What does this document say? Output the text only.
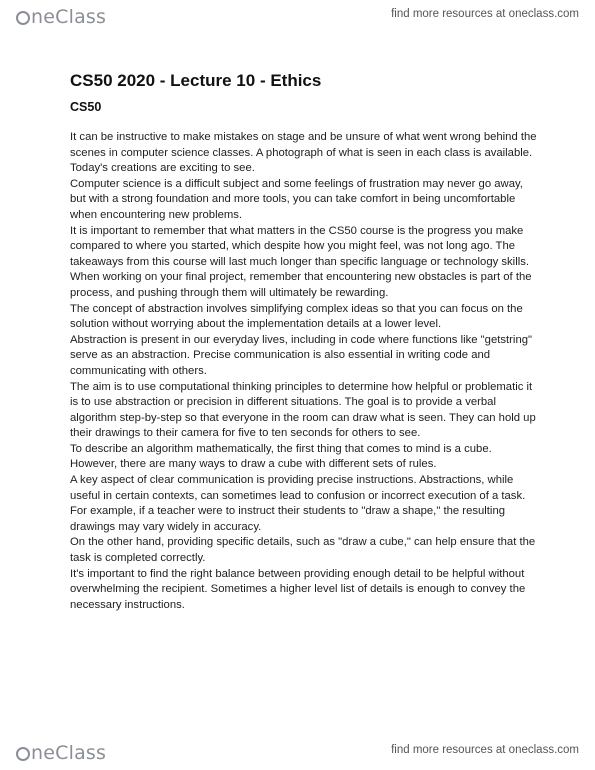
neClass	find more resources at oneclass.com
CS50 2020 - Lecture 10 - Ethics
CS50

It can be instructive to make mistakes on stage and be unsure of what went wrong behind the scenes in computer science classes. A photograph of what is seen in each class is available. Today's creations are exciting to see.

Computer science is a difficult subject and some feelings of frustration may never go away, but with a strong foundation and more tools, you can take comfort in being uncomfortable when encountering new problems.

It is important to remember that what matters in the CS50 course is the progress you make compared to where you started, which despite how you might feel, was not long ago. The takeaways from this course will last much longer than specific language or technology skills.

When working on your final project, remember that encountering new obstacles is part of the process, and pushing through them will ultimately be rewarding.

The concept of abstraction involves simplifying complex ideas so that you can focus on the solution without worrying about the implementation details at a lower level.

Abstraction is present in our everyday lives, including in code where functions like "getstring" serve as an abstraction. Precise communication is also essential in writing code and communicating with others.

The aim is to use computational thinking principles to determine how helpful or problematic it is to use abstraction or precision in different situations. The goal is to provide a verbal algorithm step-by-step so that everyone in the room can draw what is seen. They can hold up their drawings to their camera for five to ten seconds for others to see.

To describe an algorithm mathematically, the first thing that comes to mind is a cube. However, there are many ways to draw a cube with different sets of rules.

A key aspect of clear communication is providing precise instructions. Abstractions, while useful in certain contexts, can sometimes lead to confusion or incorrect execution of a task.

For example, if a teacher were to instruct their students to "draw a shape," the resulting drawings may vary widely in accuracy.

On the other hand, providing specific details, such as "draw a cube," can help ensure that the task is completed correctly.

It's important to find the right balance between providing enough detail to be helpful without overwhelming the recipient. Sometimes a higher level list of details is enough to convey the necessary instructions.

neClass	find more resources at oneclass.com
